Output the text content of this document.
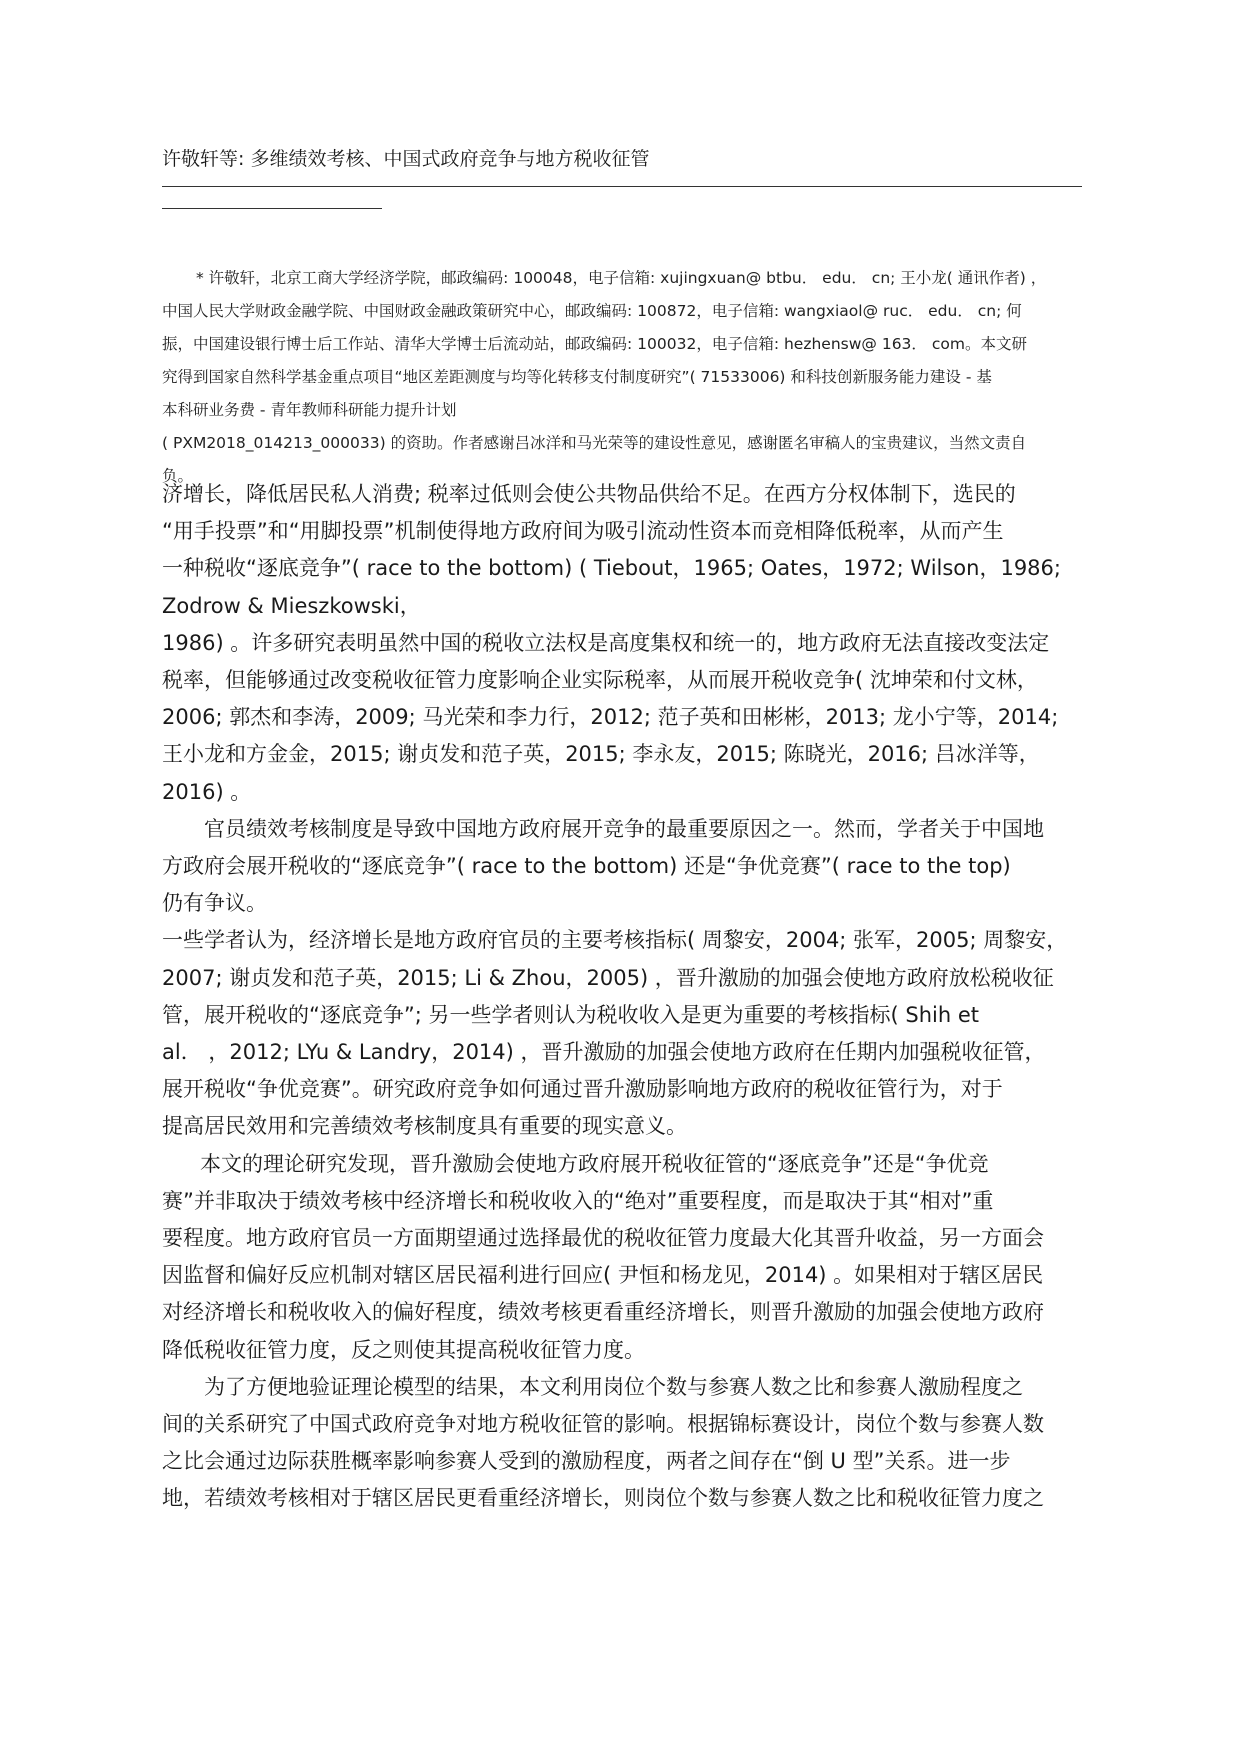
许敬轩等: 多维绩效考核、中国式政府竞争与地方税收征管
* 许敬轩，北京工商大学经济学院，邮政编码: 100048，电子信箱: xujingxuan@ btbu． edu． cn; 王小龙( 通讯作者) ，
中国人民大学财政金融学院、中国财政金融政策研究中心，邮政编码: 100872，电子信箱: wangxiaol@ ruc． edu． cn; 何
振，中国建设银行博士后工作站、清华大学博士后流动站，邮政编码: 100032，电子信箱: hezhensw@ 163． com。本文研
究得到国家自然科学基金重点项目“地区差距测度与均等化转移支付制度研究”( 71533006) 和科技创新服务能力建设 - 基
本科研业务费 - 青年教师科研能力提升计划
( PXM2018_014213_000033) 的资助。作者感谢吕冰洋和马光荣等的建设性意见，感谢匿名审稿人的宝贵建议，当然文责自
负。
济增长，降低居民私人消费; 税率过低则会使公共物品供给不足。在西方分权体制下，选民的
“用手投票”和“用脚投票”机制使得地方政府间为吸引流动性资本而竞相降低税率，从而产生
一种税收“逐底竞争”( race to the bottom) ( Tiebout，1965; Oates，1972; Wilson，1986;
Zodrow & Mieszkowski，
1986) 。许多研究表明虽然中国的税收立法权是高度集权和统一的，地方政府无法直接改变法定
税率，但能够通过改变税收征管力度影响企业实际税率，从而展开税收竞争( 沈坤荣和付文林，
2006; 郭杰和李涛，2009; 马光荣和李力行，2012; 范子英和田彬彬，2013; 龙小宁等，2014;
王小龙和方金金，2015; 谢贞发和范子英，2015; 李永友，2015; 陈晓光，2016; 吕冰洋等，
2016) 。
官员绩效考核制度是导致中国地方政府展开竞争的最重要原因之一。然而，学者关于中国地
方政府会展开税收的“逐底竞争”( race to the bottom) 还是“争优竞赛”( race to the top)
仍有争议。
一些学者认为，经济增长是地方政府官员的主要考核指标( 周黎安，2004; 张军，2005; 周黎安，
2007; 谢贞发和范子英，2015; Li & Zhou，2005) ，晋升激励的加强会使地方政府放松税收征
管，展开税收的“逐底竞争”; 另一些学者则认为税收收入是更为重要的考核指标( Shih et
al． ，2012; LYu & Landry，2014) ，晋升激励的加强会使地方政府在任期内加强税收征管，
展开税收“争优竞赛”。研究政府竞争如何通过晋升激励影响地方政府的税收征管行为，对于
提高居民效用和完善绩效考核制度具有重要的现实意义。
本文的理论研究发现，晋升激励会使地方政府展开税收征管的“逐底竞争”还是“争优竞
赛”并非取决于绩效考核中经济增长和税收收入的“绝对”重要程度，而是取决于其“相对”重
要程度。地方政府官员一方面期望通过选择最优的税收征管力度最大化其晋升收益，另一方面会
因监督和偏好反应机制对辖区居民福利进行回应( 尹恒和杨龙见，2014) 。如果相对于辖区居民
对经济增长和税收收入的偏好程度，绩效考核更看重经济增长，则晋升激励的加强会使地方政府
降低税收征管力度，反之则使其提高税收征管力度。
为了方便地验证理论模型的结果，本文利用岗位个数与参赛人数之比和参赛人激励程度之
间的关系研究了中国式政府竞争对地方税收征管的影响。根据锦标赛设计，岗位个数与参赛人数
之比会通过边际获胜概率影响参赛人受到的激励程度，两者之间存在“倒 U 型”关系。进一步
地，若绩效考核相对于辖区居民更看重经济增长，则岗位个数与参赛人数之比和税收征管力度之
